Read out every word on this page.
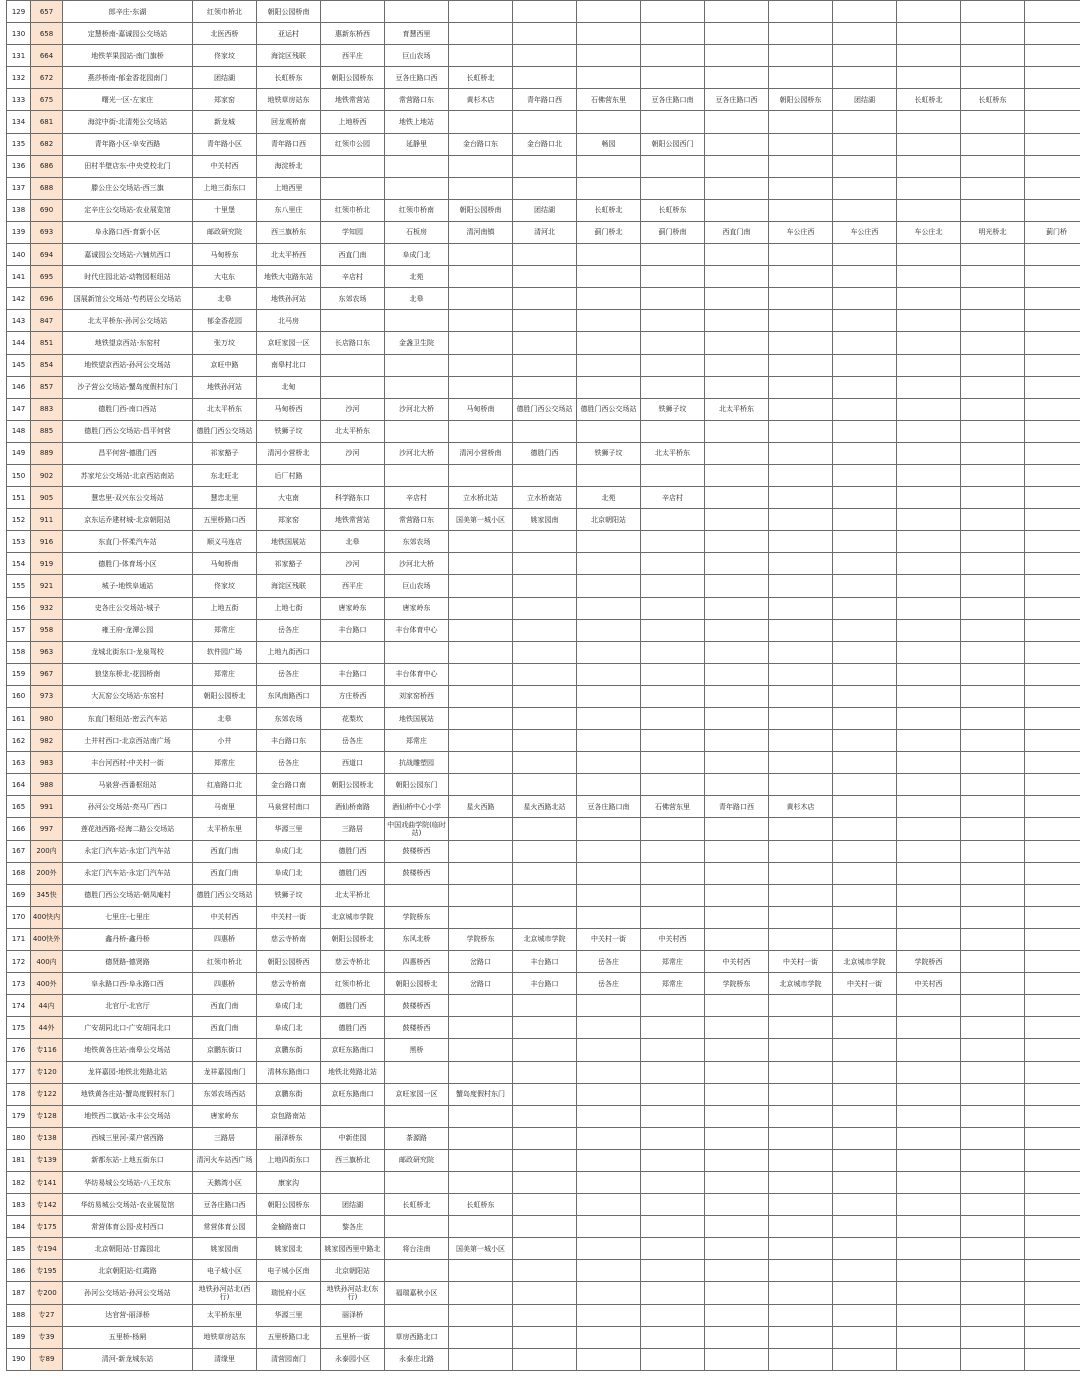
129	657	郎辛庄-东湖	红领巾桥北	朝阳公园桥南													
130	658	定慧桥南-嘉诚园公交场站	北医西桥	亚运村	惠新东桥西	育慧西里											
131	664	地铁苹果园站-南门旗桥	佟家坟	海淀区残联	西平庄	巨山农场											
132	672	燕莎桥南-郁金香花园南门	团结湖	长虹桥东	朝阳公园桥东	豆各庄路口西	长虹桥北										
133	675	曙光一区-左家庄	郑家窑	地铁草房站东	地铁常营站	常营路口东	黄杉木店	青年路口西	石佛营东里	豆各庄路口南	豆各庄路口西	朝阳公园桥东	团结湖	长虹桥北	长虹桥东		
134	681	海淀中街-北清苑公交场站	新龙城	回龙观桥南	上地桥西	地铁上地站											
135	682	青年路小区-阜安西路	青年路小区	青年路口西	红领巾公园	延静里	金台路口东	金台路口北	畅园	朝阳公园西门							
136	686	田村半壁店东-中央党校北门	中关村西	海淀桥北													
137	688	滕公庄公交场站-西三旗	上地三街东口	上地西里													
138	690	定辛庄公交场站-农业展览馆	十里堡	东八里庄	红领巾桥北	红领巾桥南	朝阳公园桥南	团结湖	长虹桥北	长虹桥东							
139	693	阜永路口西-育新小区	邮政研究院	西三旗桥东	学知园	石板房	清河南镇	清河北	蓟门桥北	蓟门桥南	西直门南	车公庄西	车公庄西	车公庄北	明光桥北	蓟门桥	
140	694	嘉诚园公交场站-六铺炕西口	马甸桥东	北太平桥西	西直门南	阜成门北											
141	695	时代庄园北站-动物园枢纽站	大屯东	地铁大屯路东站	辛店村	北苑											
142	696	国展新馆公交场站-芍药居公交场站	北皋	地铁孙河站	东郊农场	北皋											
143	847	北太平桥东-孙河公交场站	郁金香花园	北马房													
144	851	地铁望京西站-东窑村	张万坟	京旺家园一区	长店路口东	金盏卫生院											
145	854	地铁望京西站-孙河公交场站	京旺中路	南皋村北口													
146	857	沙子营公交场站-蟹岛度假村东门	地铁孙河站	北甸													
147	883	德胜门西-南口西站	北太平桥东	马甸桥西	沙河	沙河北大桥	马甸桥南	德胜门西公交场站	德胜门西公交场站	铁狮子坟	北太平桥东						
148	885	德胜门西公交场站-昌平何营	德胜门西公交场站	铁狮子坟	北太平桥东												
149	889	昌平何营-德胜门西	祁家豁子	清河小营桥北	沙河	沙河北大桥	清河小营桥南	德胜门西	铁狮子坟	北太平桥东							
150	902	苏家坨公交场站-北京西站南站	东北旺北	后厂村路													
151	905	慧忠里-双兴东公交场站	慧忠北里	大屯南	科学路东口	辛店村	立水桥北站	立水桥南站	北苑	辛店村							
152	911	京东运乔建材城-北京朝阳站	五里桥路口西	郑家窑	地铁常营站	常营路口东	国美第一城小区	姚家园南	北京朝阳站								
153	916	东直门-怀柔汽车站	顺义马连店	地铁国展站	北皋	东郊农场											
154	919	德胜门-体育场小区	马甸桥南	祁家豁子	沙河	沙河北大桥											
155	921	城子-地铁阜通站	佟家坟	海淀区残联	西平庄	巨山农场											
156	932	史各庄公交场站-城子	上地五街	上地七街	唐家岭东	唐家岭东											
157	958	雍王府-龙潭公园	郑常庄	岳各庄	丰台路口	丰台体育中心											
158	963	龙城北街东口-龙泉驾校	软件园广场	上地九街西口													
159	967	狼垡东桥北-花园桥南	郑常庄	岳各庄	丰台路口	丰台体育中心											
160	973	大瓦窑公交场站-东窑村	朝阳公园桥北	东风南路西口	方庄桥西	刘家窑桥西											
161	980	东直门枢纽站-密云汽车站	北皋	东郊农场	花梨坎	地铁国展站											
162	982	土井村西口-北京西站南广场	小井	丰台路口东	岳各庄	郑常庄											
163	983	丰台河西村-中关村一街	郑常庄	岳各庄	西道口	抗战雕塑园											
164	988	马泉营-西番枢纽站	红庙路口北	金台路口南	朝阳公园桥北	朝阳公园东门											
165	991	孙河公交场站-亮马厂西口	马南里	马泉营村南口	酒仙桥南路	酒仙桥中心小学	星火西路	星火西路北站	豆各庄路口南	石佛营东里	青年路口西	黄杉木店					
166	997	莲花池西路-经海二路公交场站	太平桥东里	华源三里	三路居	中国戏曲学院(临时站)											
167	200内	永定门汽车站-永定门汽车站	西直门南	阜成门北	德胜门西	鼓楼桥西											
168	200外	永定门汽车站-永定门汽车站	西直门南	阜成门北	德胜门西	鼓楼桥西											
169	345快	德胜门西公交场站-朝凤庵村	德胜门西公交场站	铁狮子坟	北太平桥北												
170	400快内	七里庄-七里庄	中关村西	中关村一街	北京城市学院	学院桥东											
171	400快外	鑫丹桥-鑫丹桥	四惠桥	慈云寺桥南	朝阳公园桥北	东风北桥	学院桥东	北京城市学院	中关村一街	中关村西							
172	400内	德贤路-德贤路	红领巾桥北	朝阳公园桥西	慈云寺桥北	四惠桥西	岔路口	丰台路口	岳各庄	郑常庄	中关村西	中关村一街	北京城市学院	学院桥西			
173	400外	阜永路口西-阜永路口西	四惠桥	慈云寺桥南	红领巾桥北	朝阳公园桥北	岔路口	丰台路口	岳各庄	郑常庄	学院桥东	北京城市学院	中关村一街	中关村西			
174	44内	北官厅-北官厅	西直门南	阜成门北	德胜门西	鼓楼桥西											
175	44外	广安胡同北口-广安胡同北口	西直门南	阜成门北	德胜门西	鼓楼桥西											
176	专116	地铁黄各庄站-南皋公交场站	京鹏东街口	京鹏东街	京旺东路南口	黑桥											
177	专120	龙祥嘉园-地铁北苑路北站	龙祥嘉园南门	清林东路南口	地铁北苑路北站												
178	专122	地铁黄各庄站-蟹岛度假村东门	东郊农场西站	京鹏东街	京旺东路南口	京旺家园一区	蟹岛度假村东门										
179	专128	地铁西二旗站-永丰公交场站	唐家岭东	京包路南站													
180	专138	西城三里河-菜户营西路	三路居	丽泽桥东	中新佳园	茶源路											
181	专139	新都东站-上地五街东口	清河火车站西广场	上地四街东口	西三旗桥北	邮政研究院											
182	专141	华纺易城公交场站-八王坟东	天鹅湾小区	康家沟													
183	专142	华纺易城公交场站-农业展览馆	豆各庄路口西	朝阳公园桥东	团结湖	长虹桥北	长虹桥东										
184	专175	常营体育公园-皮村西口	常营体育公园	金榆路南口	黎各庄												
185	专194	北京朝阳站-甘露园北	姚家园南	姚家园北	姚家园西里中路北	将台洼南	国美第一城小区										
186	专195	北京朝阳站-红霞路	电子城小区	电子城小区南	北京朝阳站												
187	专200	孙河公交场站-孙河公交场站	地铁孙河站北(西行)	瑞悦府小区	地铁孙河站北(东行)	福瑞嘉秋小区											
188	专27	达官营-丽泽桥	太平桥东里	华源三里	丽泽桥												
189	专39	五里桥-杨闸	地铁草房站东	五里桥路口北	五里桥一街	草房西路北口											
190	专89	清河-新龙城东站	清缘里	清营园南门	永泰园小区	永泰庄北路											
